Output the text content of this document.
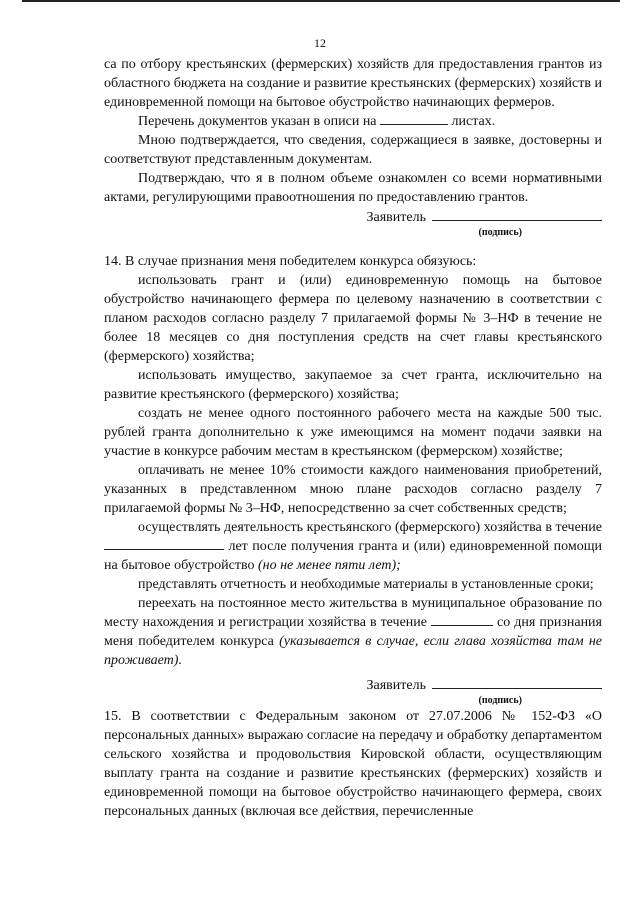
12

са по отбору крестьянских (фермерских) хозяйств для предоставления грантов из областного бюджета на создание и развитие крестьянских (фермерских) хозяйств и единовременной помощи на бытовое обустройство начинающих фермеров.

Перечень документов указан в описи на	листах.

Мною подтверждается, что сведения, содержащиеся в заявке, достоверны и соответствуют представленным документам.

Подтверждаю, что я в полном объеме ознакомлен со всеми нормативными актами, регулирующими правоотношения по предоставлению грантов.

Заявитель
(подпись)

14. В случае признания меня победителем конкурса обязуюсь:

использовать грант и (или) единовременную помощь на бытовое обустройство начинающего фермера по целевому назначению в соответствии с планом расходов согласно разделу 7 прилагаемой формы № 3–НФ в течение не более 18 месяцев со дня поступления средств на счет главы крестьянского (фермерского) хозяйства;

использовать имущество, закупаемое за счет гранта, исключительно на развитие крестьянского (фермерского) хозяйства;

создать не менее одного постоянного рабочего места на каждые 500 тыс. рублей гранта дополнительно к уже имеющимся на момент подачи заявки на участие в конкурсе рабочим местам в крестьянском (фермерском) хозяйстве;

оплачивать не менее 10% стоимости каждого наименования приобретений, указанных в представленном мною плане расходов согласно разделу 7 прилагаемой формы № 3–НФ, непосредственно за счет собственных средств;

осуществлять деятельность крестьянского (фермерского) хозяйства в течение  лет после получения гранта и (или) единовременной помощи на бытовое обустройство (но не менее пяти лет);

представлять отчетность и необходимые материалы в установленные сроки;

переехать на постоянное место жительства в муниципальное образование по месту нахождения и регистрации хозяйства в течение	со дня признания меня победителем конкурса (указывается в случае, если глава хозяйства там не проживает).

Заявитель
(подпись)

15. В соответствии с Федеральным законом от 27.07.2006 № 152-ФЗ «О персональных данных» выражаю согласие на передачу и обработку департаментом сельского хозяйства и продовольствия Кировской области, осуществляющим выплату гранта на создание и развитие крестьянских (фермерских) хозяйств и единовременной помощи на бытовое обустройство начинающего фермера, своих персональных данных (включая все действия, перечисленные
